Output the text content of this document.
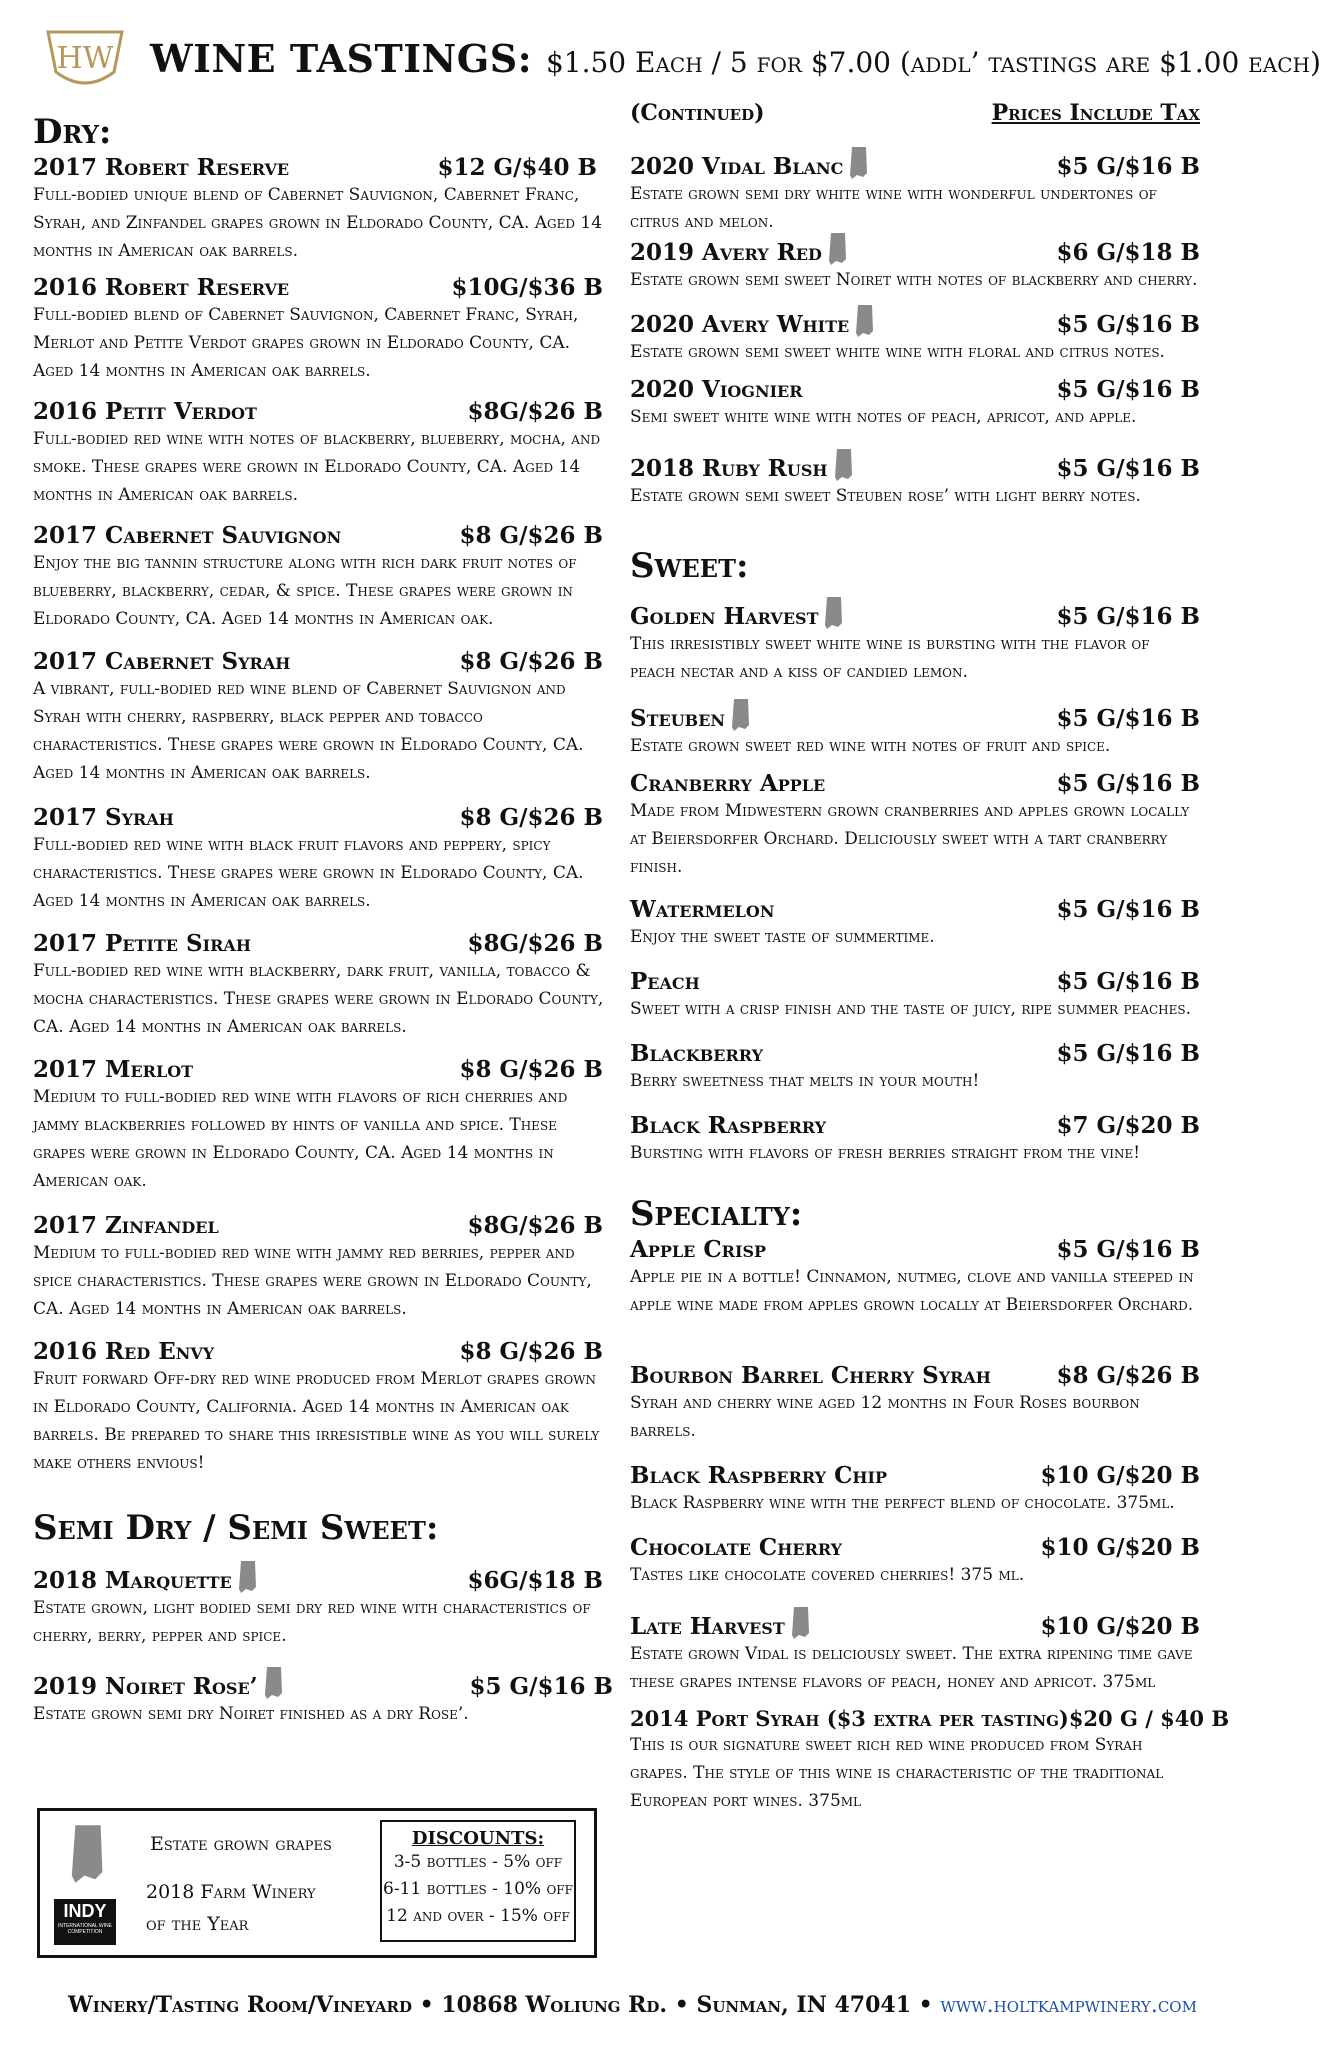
HW WINE TASTINGS: $1.50 Each / 5 for $7.00 (addl’ tastings are $1.00 each)
Dry:
2017 Robert Reserve	$12 G/$40 B
Full-bodied unique blend of Cabernet Sauvignon, Cabernet Franc, Syrah, and Zinfandel grapes grown in Eldorado County, CA. Aged 14 months in American oak barrels.
2016 Robert Reserve	$10G/$36 B
Full-bodied blend of Cabernet Sauvignon, Cabernet Franc, Syrah, Merlot and Petite Verdot grapes grown in Eldorado County, CA. Aged 14 months in American oak barrels.
2016 Petit Verdot	$8G/$26 B
Full-bodied red wine with notes of blackberry, blueberry, mocha, and smoke. These grapes were grown in Eldorado County, CA. Aged 14 months in American oak barrels.
2017 Cabernet Sauvignon	$8 G/$26 B
Enjoy the big tannin structure along with rich dark fruit notes of blueberry, blackberry, cedar, & spice. These grapes were grown in Eldorado County, CA. Aged 14 months in American oak.
2017 Cabernet Syrah	$8 G/$26 B
A vibrant, full-bodied red wine blend of Cabernet Sauvignon and Syrah with cherry, raspberry, black pepper and tobacco characteristics. These grapes were grown in Eldorado County, CA. Aged 14 months in American oak barrels.
2017 Syrah	$8 G/$26 B
Full-bodied red wine with black fruit flavors and peppery, spicy characteristics. These grapes were grown in Eldorado County, CA. Aged 14 months in American oak barrels.
2017 Petite Sirah	$8G/$26 B
Full-bodied red wine with blackberry, dark fruit, vanilla, tobacco & mocha characteristics. These grapes were grown in Eldorado County, CA. Aged 14 months in American oak barrels.
2017 Merlot	$8 G/$26 B
Medium to full-bodied red wine with flavors of rich cherries and jammy blackberries followed by hints of vanilla and spice. These grapes were grown in Eldorado County, CA. Aged 14 months in American oak.
2017 Zinfandel	$8G/$26 B
Medium to full-bodied red wine with jammy red berries, pepper and spice characteristics. These grapes were grown in Eldorado County, CA. Aged 14 months in American oak barrels.
2016 Red Envy	$8 G/$26 B
Fruit forward Off-dry red wine produced from Merlot grapes grown in Eldorado County, California. Aged 14 months in American oak barrels. Be prepared to share this irresistible wine as you will surely make others envious!
Semi Dry / Semi Sweet:
2018 Marquette	$6G/$18 B
Estate grown, light bodied semi dry red wine with characteristics of cherry, berry, pepper and spice.
2019 Noiret Rose’	$5 G/$16 B
Estate grown semi dry Noiret finished as a dry Rose’.
(Continued)	Prices Include Tax
2020 Vidal Blanc	$5 G/$16 B
Estate grown semi dry white wine with wonderful undertones of citrus and melon.
2019 Avery Red	$6 G/$18 B
Estate grown semi sweet Noiret with notes of blackberry and cherry.
2020 Avery White	$5 G/$16 B
Estate grown semi sweet white wine with floral and citrus notes.
2020 Viognier	$5 G/$16 B
Semi sweet white wine with notes of peach, apricot, and apple.
2018 Ruby Rush	$5 G/$16 B
Estate grown semi sweet Steuben rose’ with light berry notes.
Sweet:
Golden Harvest	$5 G/$16 B
This irresistibly sweet white wine is bursting with the flavor of peach nectar and a kiss of candied lemon.
Steuben	$5 G/$16 B
Estate grown sweet red wine with notes of fruit and spice.
Cranberry Apple	$5 G/$16 B
Made from Midwestern grown cranberries and apples grown locally at Beiersdorfer Orchard. Deliciously sweet with a tart cranberry finish.
Watermelon	$5 G/$16 B
Enjoy the sweet taste of summertime.
Peach	$5 G/$16 B
Sweet with a crisp finish and the taste of juicy, ripe summer peaches.
Blackberry	$5 G/$16 B
Berry sweetness that melts in your mouth!
Black Raspberry	$7 G/$20 B
Bursting with flavors of fresh berries straight from the vine!
Specialty:
Apple Crisp	$5 G/$16 B
Apple pie in a bottle! Cinnamon, nutmeg, clove and vanilla steeped in apple wine made from apples grown locally at Beiersdorfer Orchard.
Bourbon Barrel Cherry Syrah	$8 G/$26 B
Syrah and cherry wine aged 12 months in Four Roses bourbon barrels.
Black Raspberry Chip	$10 G/$20 B
Black Raspberry wine with the perfect blend of chocolate. 375ml.
Chocolate Cherry	$10 G/$20 B
Tastes like chocolate covered cherries! 375 ml.
Late Harvest	$10 G/$20 B
Estate grown Vidal is deliciously sweet. The extra ripening time gave these grapes intense flavors of peach, honey and apricot. 375ml
2014 Port Syrah ($3 extra per tasting) $20 G / $40 B
This is our signature sweet rich red wine produced from Syrah grapes. The style of this wine is characteristic of the traditional European port wines. 375ml
Estate grown grapes
INDY
INTERNATIONAL WINE COMPETITION
2018 Farm Winery
of the Year
DISCOUNTS:
3-5 bottles - 5% off
6-11 bottles - 10% off
12 and over - 15% off
Winery/Tasting Room/Vineyard • 10868 Woliung Rd. • Sunman, IN 47041 • www.holtkampwinery.com
